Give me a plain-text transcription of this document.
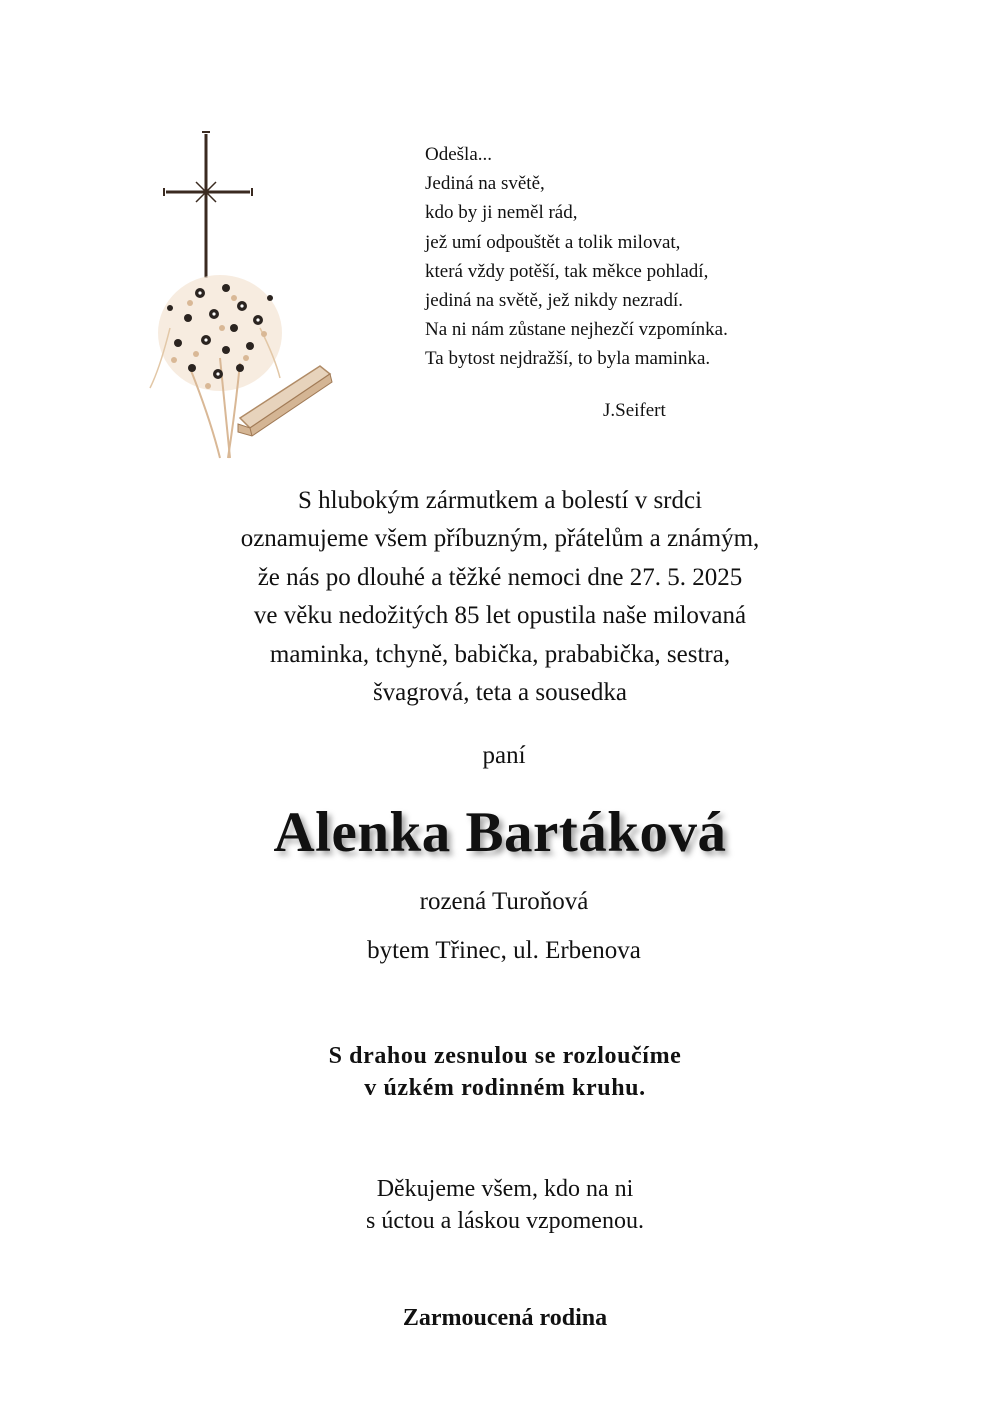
Odešla...
Jediná na světě,
kdo by ji neměl rád,
jež umí odpouštět a tolik milovat,
která vždy potěší, tak měkce pohladí,
jediná na světě, jež nikdy nezradí.
Na ni nám zůstane nejhezčí vzpomínka.
Ta bytost nejdražší, to byla maminka.
J.Seifert
S hlubokým zármutkem a bolestí v srdci
oznamujeme všem příbuzným, přátelům a známým,
že nás po dlouhé a těžké nemoci dne 27. 5. 2025
ve věku nedožitých 85 let opustila naše milovaná
maminka, tchyně, babička, prababička, sestra,
švagrová, teta a sousedka
paní
Alenka Bartáková
rozená Turoňová
bytem Třinec, ul. Erbenova
S drahou zesnulou se rozloučíme
v úzkém rodinném kruhu.
Děkujeme všem, kdo na ni
s úctou a láskou vzpomenou.
Zarmoucená rodina
